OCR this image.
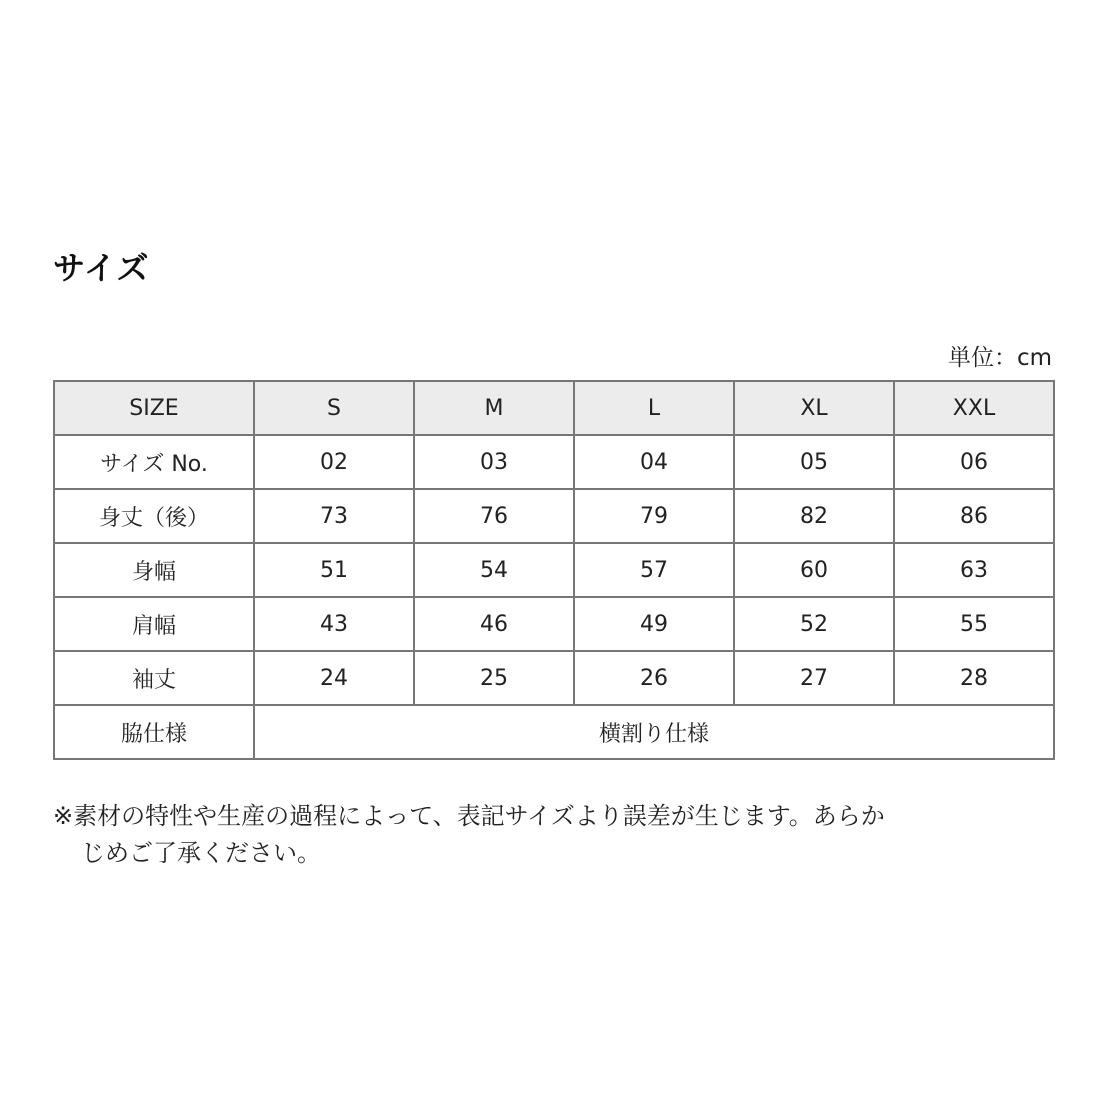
サイズ
単位：cm
SIZE	S	M	L	XL	XXL
サイズ No.	02	03	04	05	06
身丈（後）	73	76	79	82	86
身幅	51	54	57	60	63
肩幅	43	46	49	52	55
袖丈	24	25	26	27	28
脇仕様	横割り仕様				
※素材の特性や生産の過程によって、表記サイズより誤差が生じます。あらか
じめご了承ください。
